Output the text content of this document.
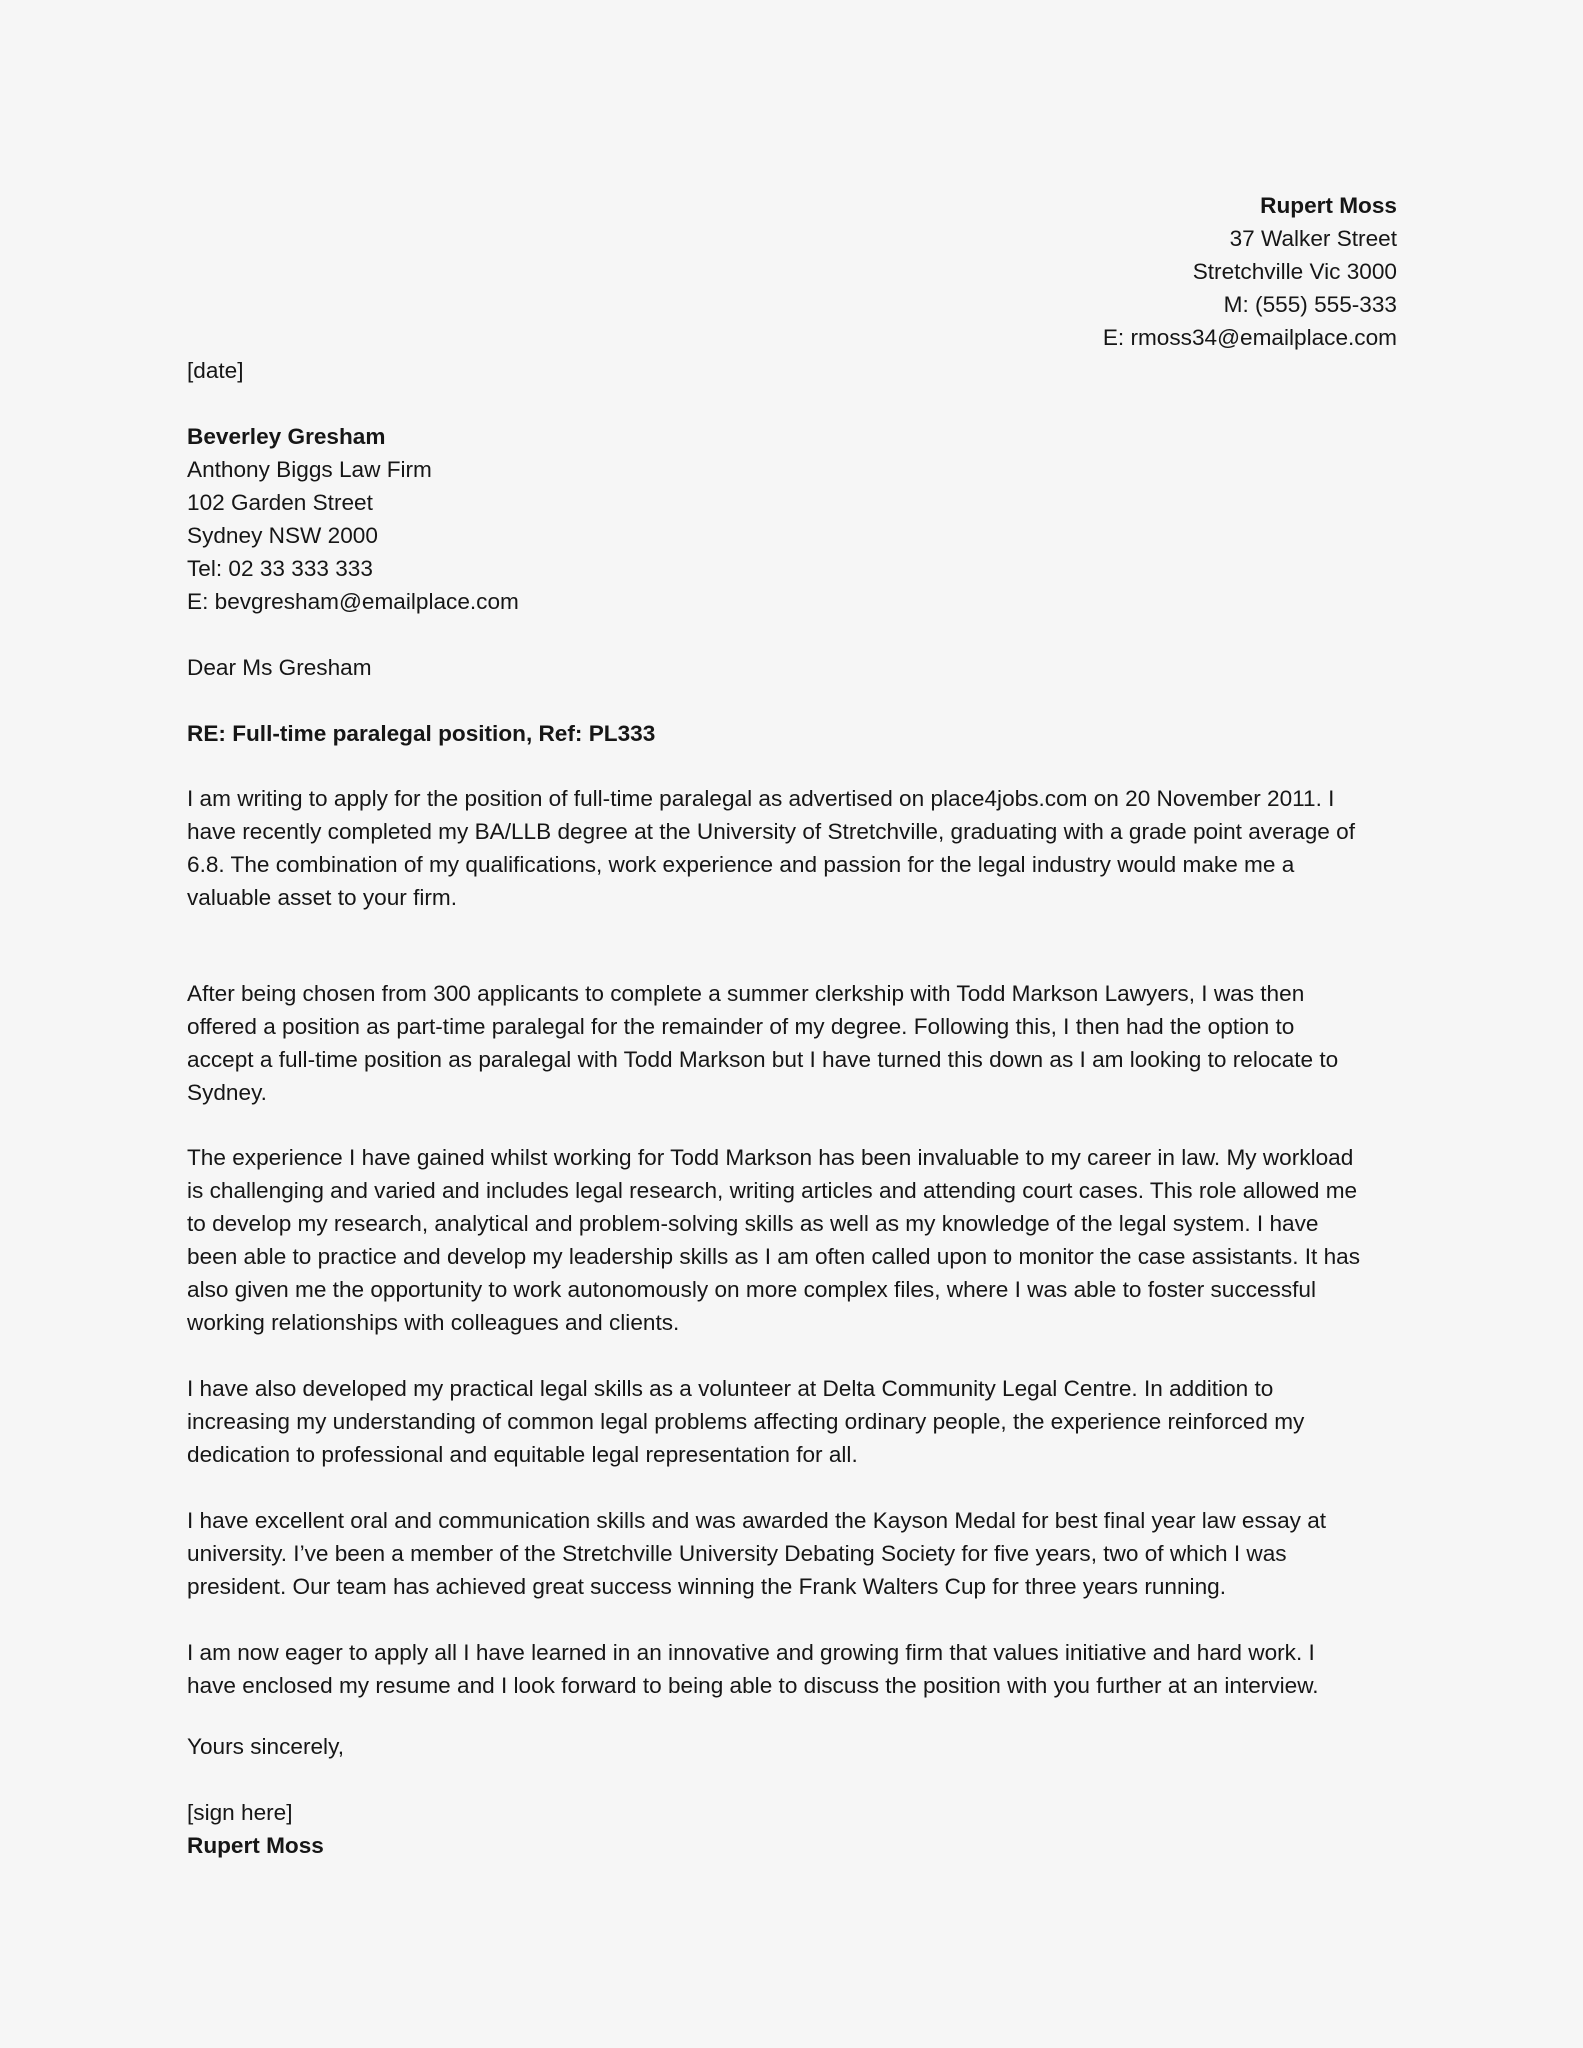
Rupert Moss
37 Walker Street
Stretchville Vic 3000
M: (555) 555-333
E: rmoss34@emailplace.com
[date]
Beverley Gresham
Anthony Biggs Law Firm
102 Garden Street
Sydney NSW 2000
Tel: 02 33 333 333
E: bevgresham@emailplace.com
Dear Ms Gresham
RE: Full-time paralegal position, Ref: PL333
I am writing to apply for the position of full-time paralegal as advertised on place4jobs.com on 20 November 2011. I
have recently completed my BA/LLB degree at the University of Stretchville, graduating with a grade point average of
6.8. The combination of my qualifications, work experience and passion for the legal industry would make me a
valuable asset to your firm.
After being chosen from 300 applicants to complete a summer clerkship with Todd Markson Lawyers, I was then
offered a position as part-time paralegal for the remainder of my degree. Following this, I then had the option to
accept a full-time position as paralegal with Todd Markson but I have turned this down as I am looking to relocate to
Sydney.
The experience I have gained whilst working for Todd Markson has been invaluable to my career in law. My workload
is challenging and varied and includes legal research, writing articles and attending court cases. This role allowed me
to develop my research, analytical and problem-solving skills as well as my knowledge of the legal system. I have
been able to practice and develop my leadership skills as I am often called upon to monitor the case assistants. It has
also given me the opportunity to work autonomously on more complex files, where I was able to foster successful
working relationships with colleagues and clients.
I have also developed my practical legal skills as a volunteer at Delta Community Legal Centre. In addition to
increasing my understanding of common legal problems affecting ordinary people, the experience reinforced my
dedication to professional and equitable legal representation for all.
I have excellent oral and communication skills and was awarded the Kayson Medal for best final year law essay at
university. I’ve been a member of the Stretchville University Debating Society for five years, two of which I was
president. Our team has achieved great success winning the Frank Walters Cup for three years running.
I am now eager to apply all I have learned in an innovative and growing firm that values initiative and hard work. I
have enclosed my resume and I look forward to being able to discuss the position with you further at an interview.
Yours sincerely,
[sign here]
Rupert Moss
